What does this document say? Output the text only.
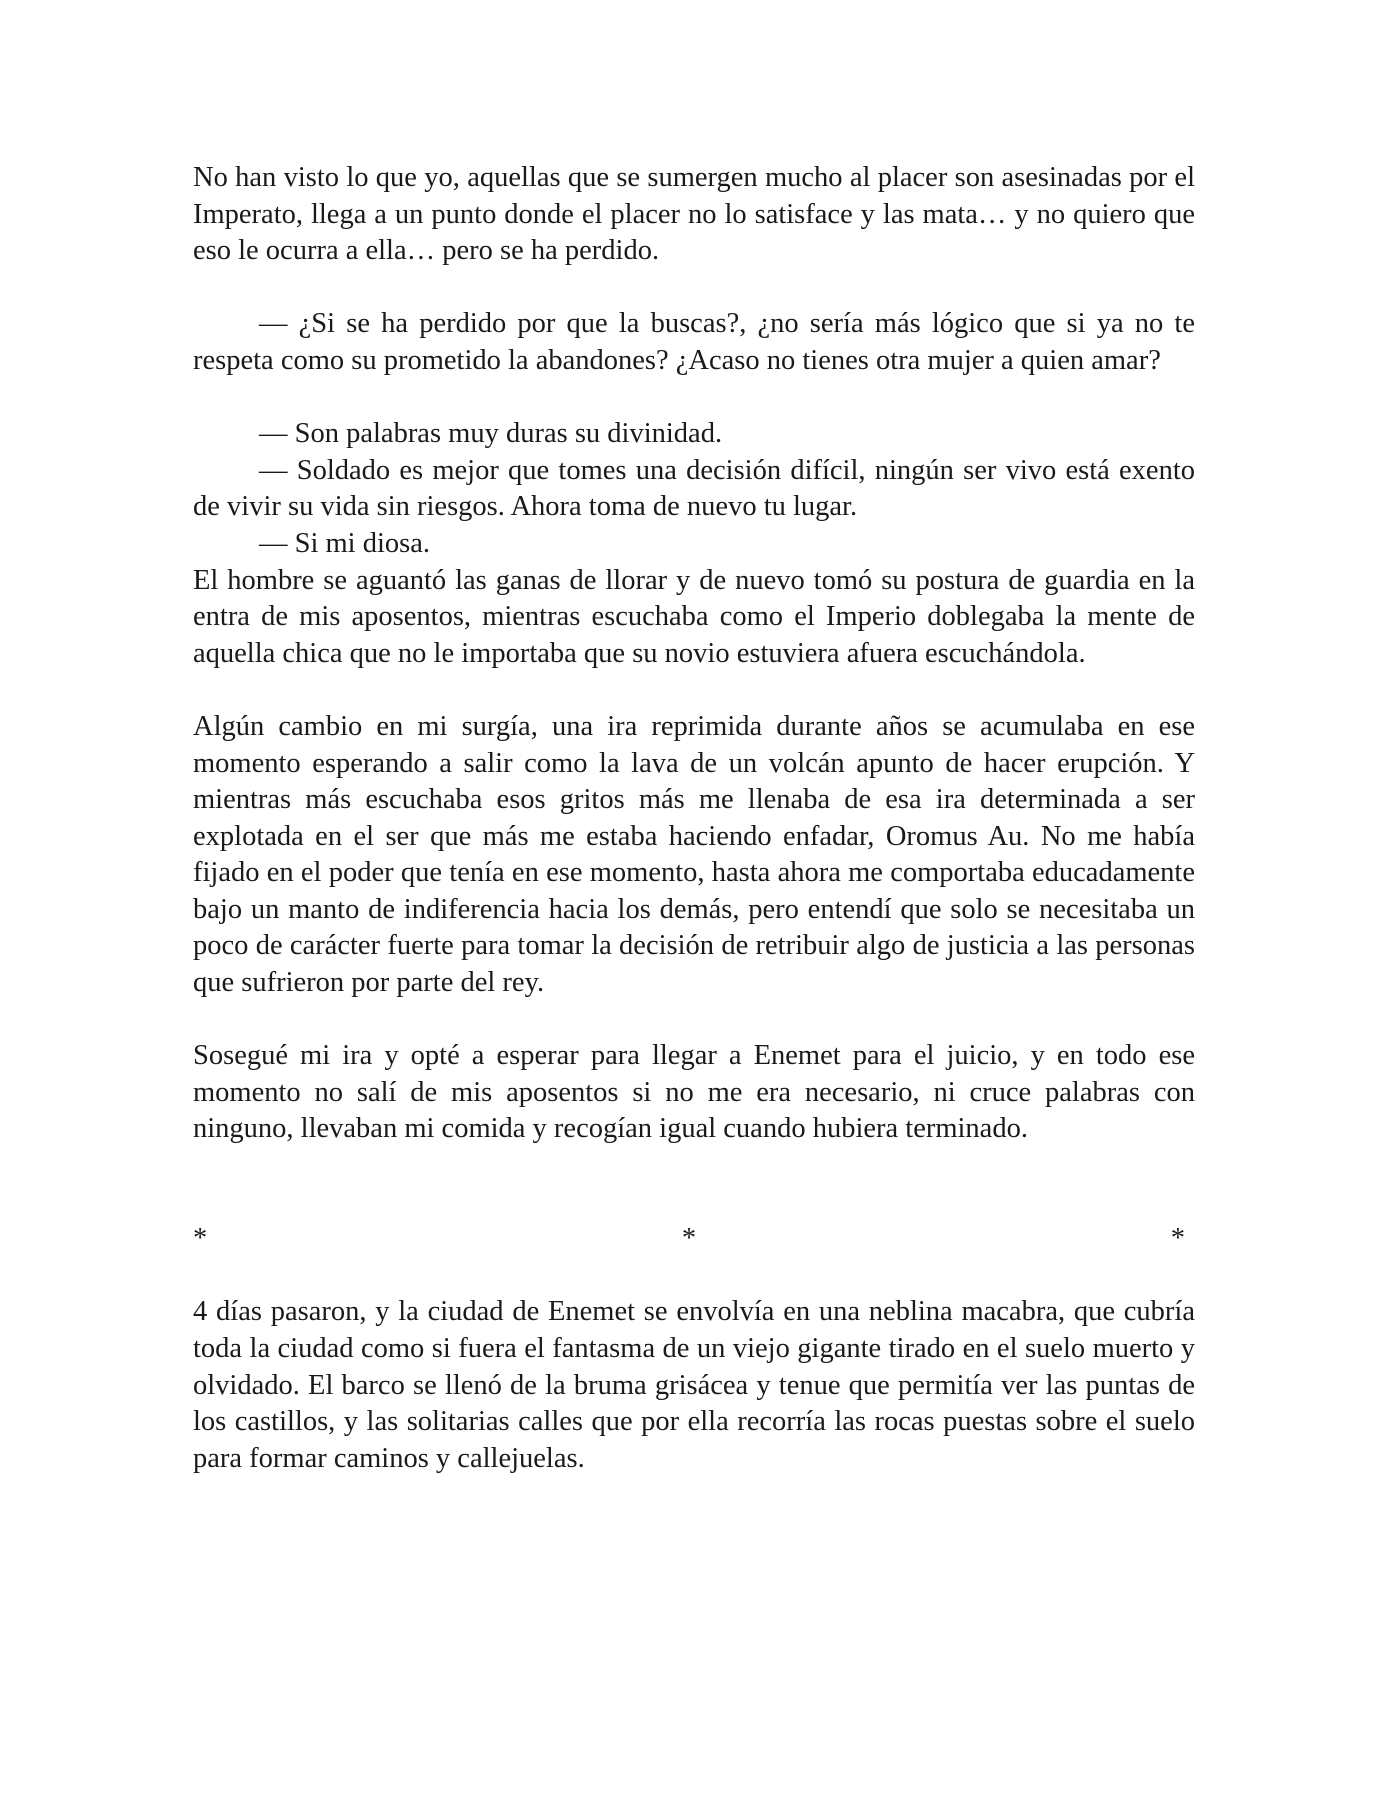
No han visto lo que yo, aquellas que se sumergen mucho al placer son asesinadas por el Imperato, llega a un punto donde el placer no lo satisface y las mata… y no quiero que eso le ocurra a ella… pero se ha perdido.

— ¿Si se ha perdido por que la buscas?, ¿no sería más lógico que si ya no te respeta como su prometido la abandones? ¿Acaso no tienes otra mujer a quien amar?

— Son palabras muy duras su divinidad.

— Soldado es mejor que tomes una decisión difícil, ningún ser vivo está exento de vivir su vida sin riesgos. Ahora toma de nuevo tu lugar.

— Si mi diosa.

El hombre se aguantó las ganas de llorar y de nuevo tomó su postura de guardia en la entra de mis aposentos, mientras escuchaba como el Imperio doblegaba la mente de aquella chica que no le importaba que su novio estuviera afuera escuchándola.

Algún cambio en mi surgía, una ira reprimida durante años se acumulaba en ese momento esperando a salir como la lava de un volcán apunto de hacer erupción. Y mientras más escuchaba esos gritos más me llenaba de esa ira determinada a ser explotada en el ser que más me estaba haciendo enfadar, Oromus Au. No me había fijado en el poder que tenía en ese momento, hasta ahora me comportaba educadamente bajo un manto de indiferencia hacia los demás, pero entendí que solo se necesitaba un poco de carácter fuerte para tomar la decisión de retribuir algo de justicia a las personas que sufrieron por parte del rey.

Sosegué mi ira y opté a esperar para llegar a Enemet para el juicio, y en todo ese momento no salí de mis aposentos si no me era necesario, ni cruce palabras con ninguno, llevaban mi comida y recogían igual cuando hubiera terminado.

*	*	*

4 días pasaron, y la ciudad de Enemet se envolvía en una neblina macabra, que cubría toda la ciudad como si fuera el fantasma de un viejo gigante tirado en el suelo muerto y olvidado. El barco se llenó de la bruma grisácea y tenue que permitía ver las puntas de los castillos, y las solitarias calles que por ella recorría las rocas puestas sobre el suelo para formar caminos y callejuelas.
